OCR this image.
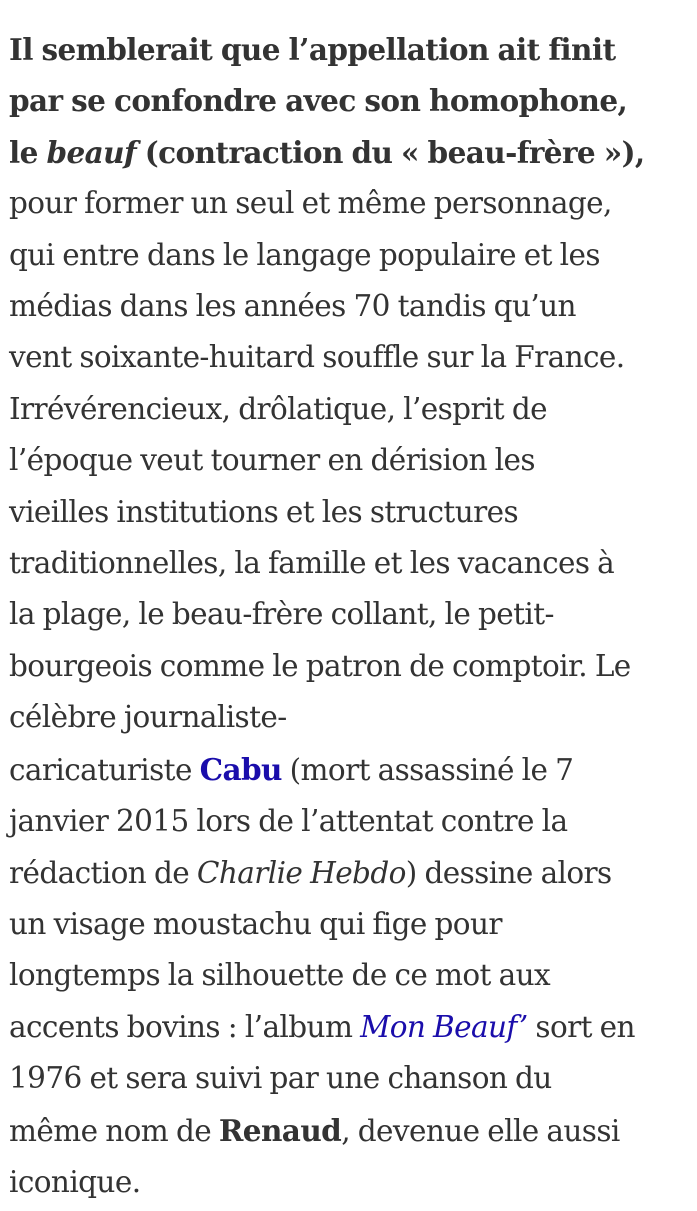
Il semblerait que l’appellation ait finit
par se confondre avec son homophone,
le beauf (contraction du « beau-frère »),
pour former un seul et même personnage,
qui entre dans le langage populaire et les
médias dans les années 70 tandis qu’un
vent soixante-huitard souffle sur la France.
Irrévérencieux, drôlatique, l’esprit de
l’époque veut tourner en dérision les
vieilles institutions et les structures
traditionnelles, la famille et les vacances à
la plage, le beau-frère collant, le petit-
bourgeois comme le patron de comptoir. Le
célèbre journaliste-
caricaturiste Cabu (mort assassiné le 7
janvier 2015 lors de l’attentat contre la
rédaction de Charlie Hebdo) dessine alors
un visage moustachu qui fige pour
longtemps la silhouette de ce mot aux
accents bovins : l’album Mon Beauf’ sort en
1976 et sera suivi par une chanson du
même nom de Renaud, devenue elle aussi
iconique.
